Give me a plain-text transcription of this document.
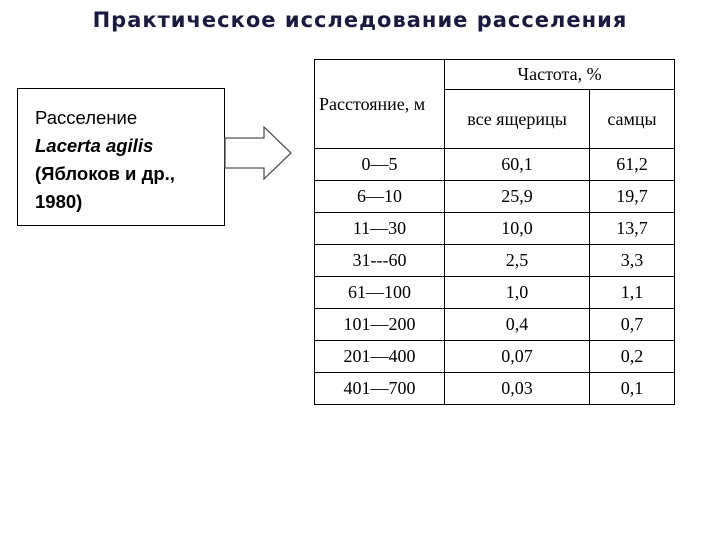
Практическое исследование расселения
Расселение
Lacerta agilis
(Яблоков и др.,
1980)
Расстояние, м	Частота, %	
	все ящерицы	самцы
0—5	60,1	61,2
6—10	25,9	19,7
11—30	10,0	13,7
31---60	2,5	3,3
61—100	1,0	1,1
101—200	0,4	0,7
201—400	0,07	0,2
401—700	0,03	0,1
